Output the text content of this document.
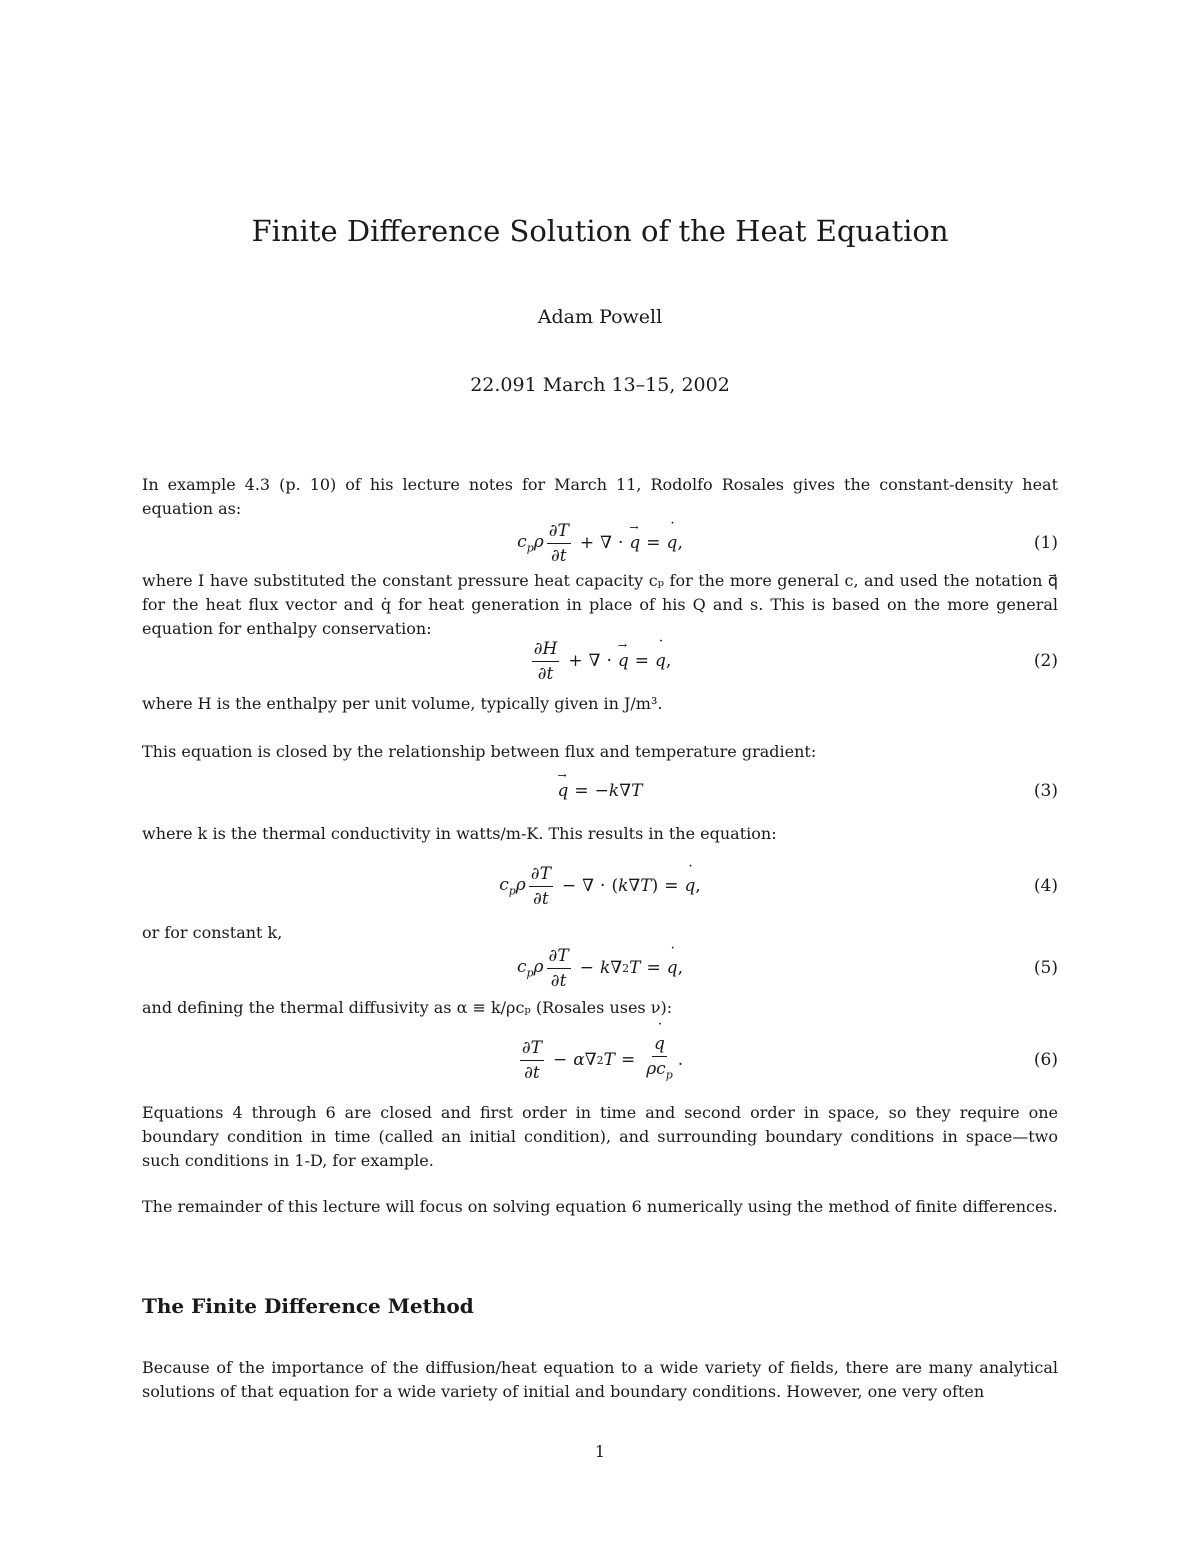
Finite Difference Solution of the Heat Equation
Adam Powell
22.091 March 13–15, 2002
In example 4.3 (p. 10) of his lecture notes for March 11, Rodolfo Rosales gives the constant-density heat equation as:
$c_p\rho \frac{\partial T}{\partial t}$ + ∇ · q → = q ˙ ,	(1)
where I have substituted the constant pressure heat capacity cₚ for the more general c, and used the notation q⃗ for the heat flux vector and q̇ for heat generation in place of his Q and s. This is based on the more general equation for enthalpy conservation:
$\frac{\partial H}{\partial t}$ + ∇ · q → = q ˙ ,	(2)
where H is the enthalpy per unit volume, typically given in J/m³.
This equation is closed by the relationship between flux and temperature gradient:
q → = − k ∇ T	(3)
where k is the thermal conductivity in watts/m-K. This results in the equation:
$c_p\rho \frac{\partial T}{\partial t}$ − ∇ · ( k ∇ T ) = q ˙ ,	(4)
or for constant k,
$c_p\rho \frac{\partial T}{\partial t} - k$ ∇ 2 T = q ˙ ,	(5)
and defining the thermal diffusivity as α ≡ k/ρcₚ (Rosales uses ν):
$\frac{\partial T}{\partial t} - \alpha$ ∇ 2 $T = \frac{q ˙}{\rho c_p}$ .	(6)
Equations 4 through 6 are closed and first order in time and second order in space, so they require one boundary condition in time (called an initial condition), and surrounding boundary conditions in space—two such conditions in 1-D, for example.
The remainder of this lecture will focus on solving equation 6 numerically using the method of finite differences.
The Finite Difference Method
Because of the importance of the diffusion/heat equation to a wide variety of fields, there are many analytical solutions of that equation for a wide variety of initial and boundary conditions. However, one very often
1
